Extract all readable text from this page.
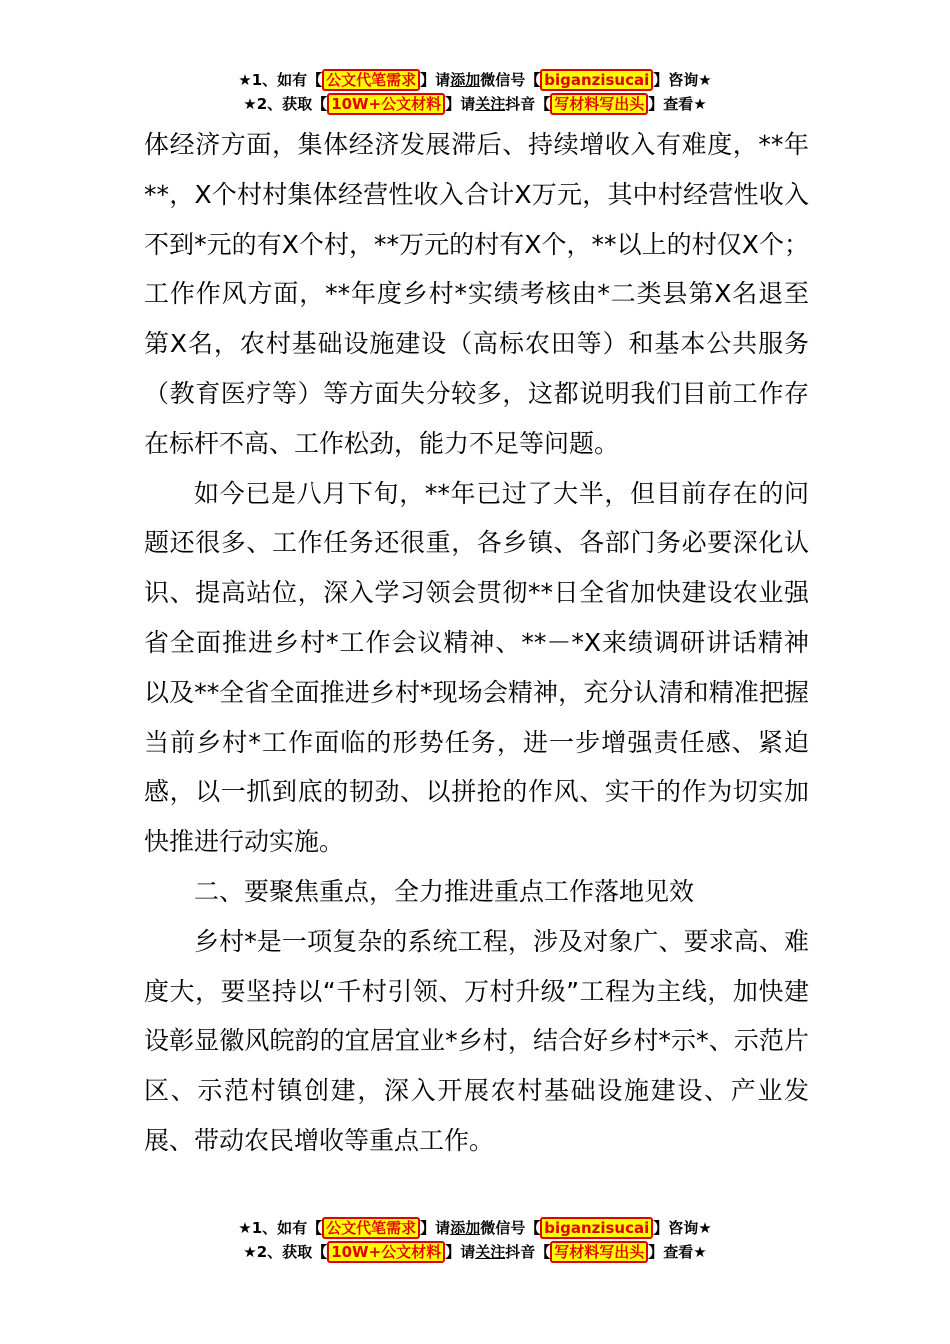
★1、如有【 公文代笔需求 】请添加微信号【 biganzisucai 】咨询★
★2、获取【 10W+公文材料 】请关注抖音【 写材料写出头 】查看★

体经济方面，集体经济发展滞后、持续增收入有难度，**年**，X个村村集体经营性收入合计X万元，其中村经营性收入不到*元的有X个村，**万元的村有X个，**以上的村仅X个；工作作风方面，**年度乡村*实绩考核由*二类县第X名退至第X名，农村基础设施建设（高标农田等）和基本公共服务（教育医疗等）等方面失分较多，这都说明我们目前工作存在标杆不高、工作松劲，能力不足等问题。

如今已是八月下旬，**年已过了大半，但目前存在的问题还很多、工作任务还很重，各乡镇、各部门务必要深化认识、提高站位，深入学习领会贯彻**日全省加快建设农业强省全面推进乡村*工作会议精神、**－*X来绩调研讲话精神以及**全省全面推进乡村*现场会精神，充分认清和精准把握当前乡村*工作面临的形势任务，进一步增强责任感、紧迫感，以一抓到底的韧劲、以拼抢的作风、实干的作为切实加快推进行动实施。

二、要聚焦重点，全力推进重点工作落地见效

乡村*是一项复杂的系统工程，涉及对象广、要求高、难度大，要坚持以“千村引领、万村升级”工程为主线，加快建设彰显徽风皖韵的宜居宜业*乡村，结合好乡村*示*、示范片区、示范村镇创建，深入开展农村基础设施建设、产业发展、带动农民增收等重点工作。

★1、如有【 公文代笔需求 】请添加微信号【 biganzisucai 】咨询★
★2、获取【 10W+公文材料 】请关注抖音【 写材料写出头 】查看★
